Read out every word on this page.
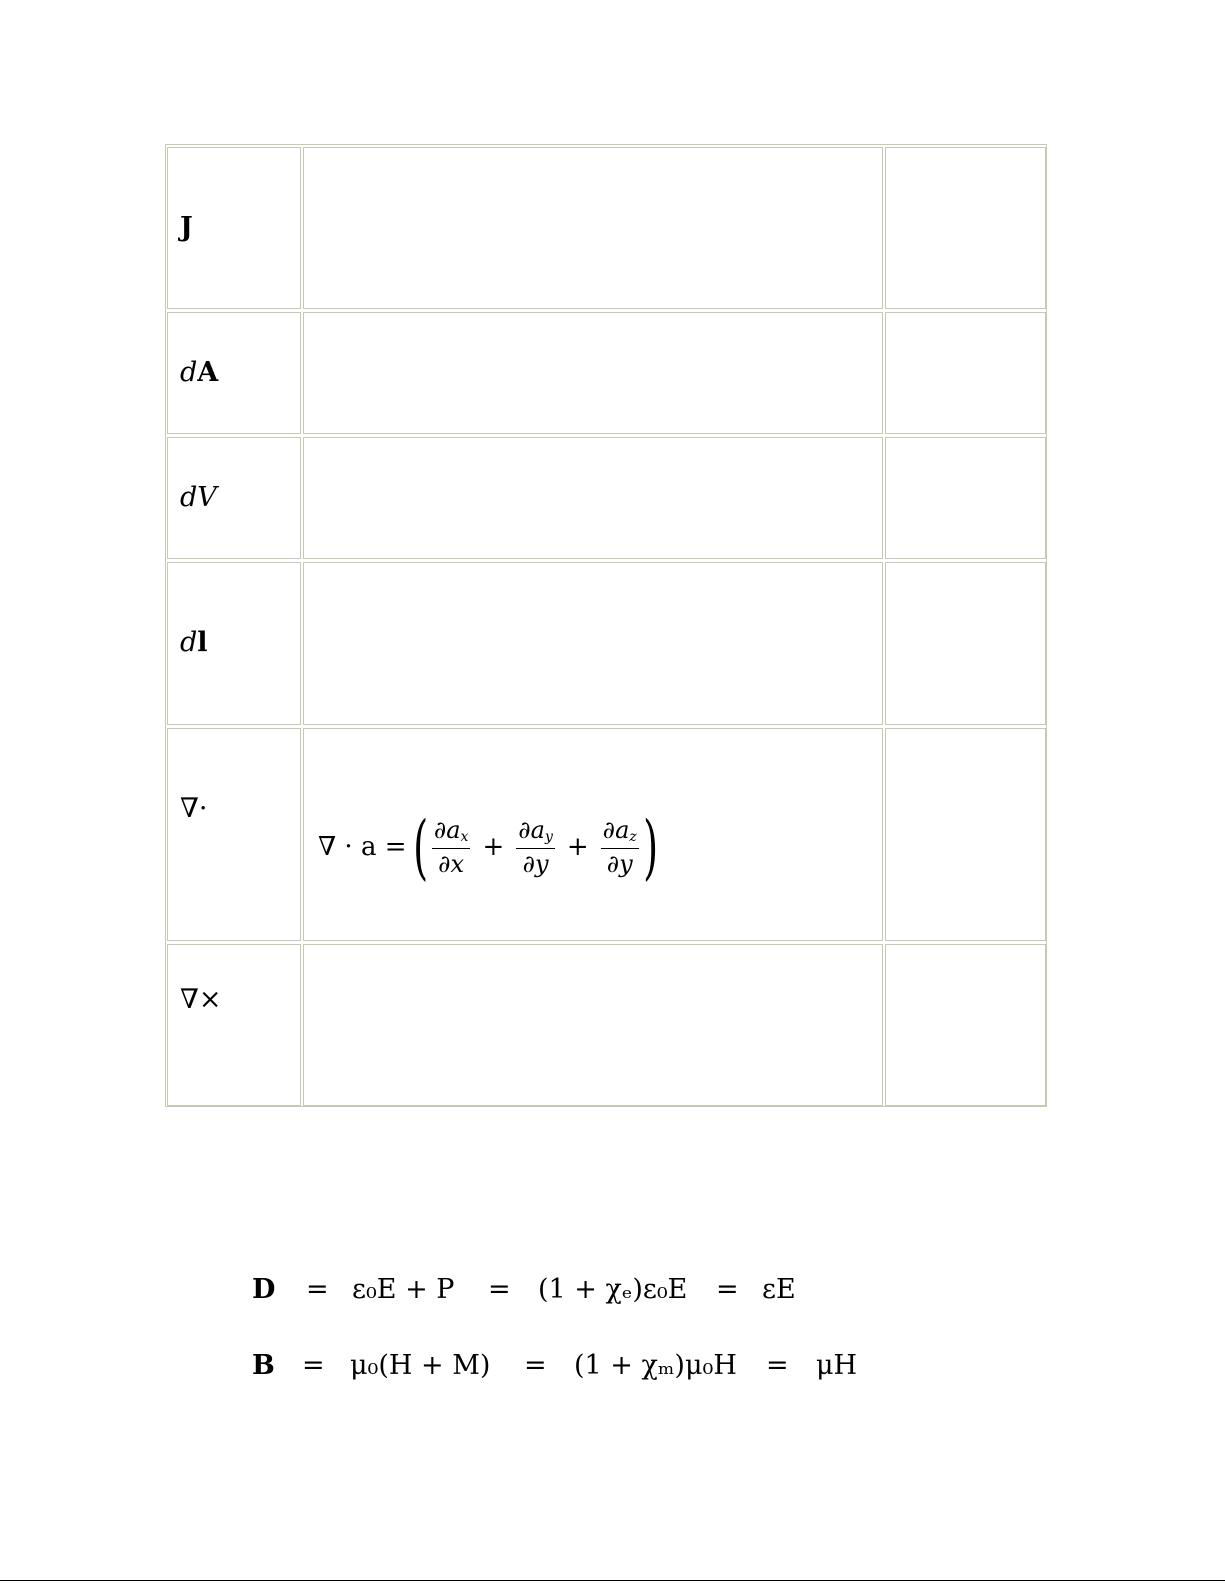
J
dA
dV
dl
∇·
∇ · a = ( $\frac{\partial a_x}{\partial x} + \frac{\partial a_y}{\partial y} + \frac{\partial a_z}{\partial y}$ )
∇×
D = ε₀E + P = (1 + χₑ)ε₀E = εE
B = μ₀(H + M) = (1 + χₘ)μ₀H = μH
